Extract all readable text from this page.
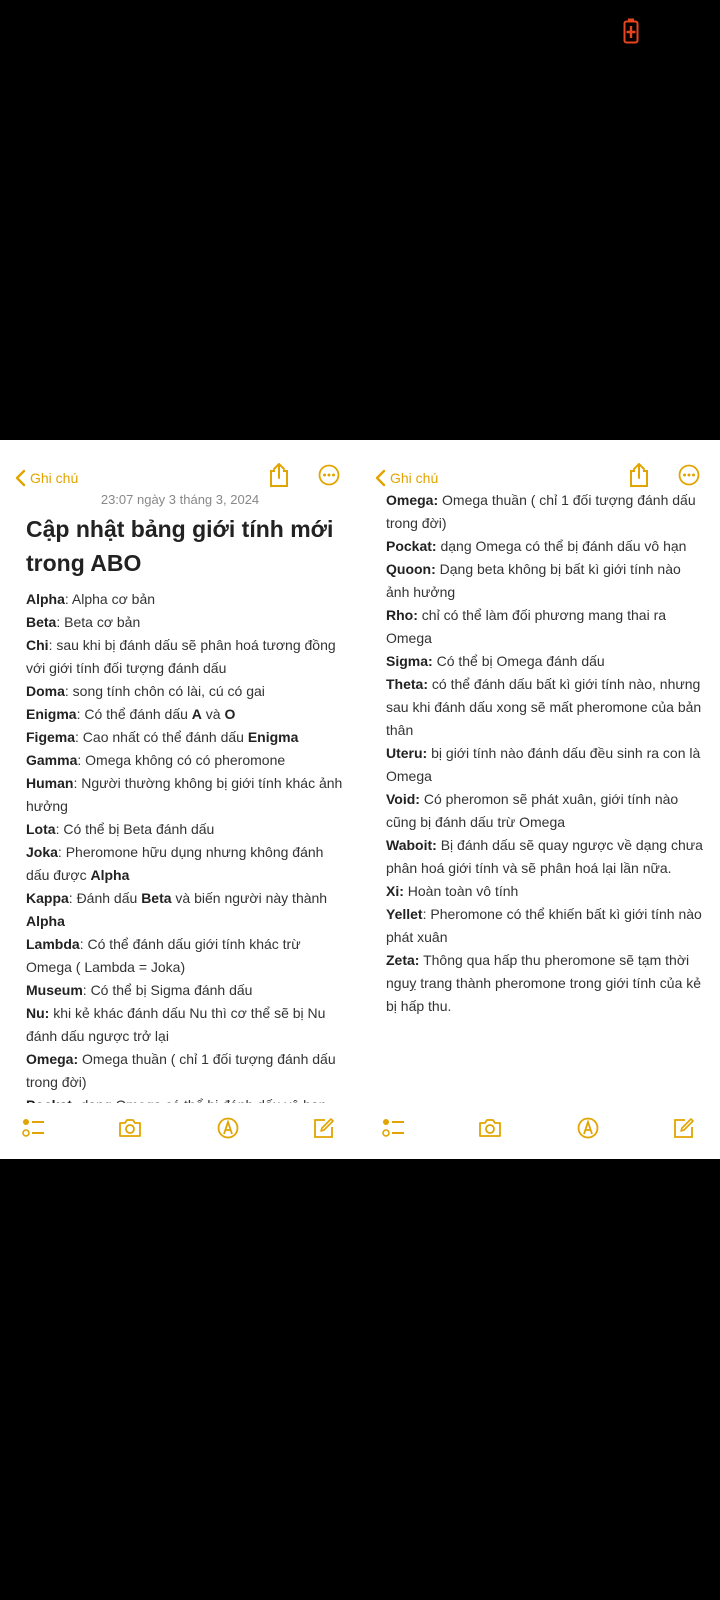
Ghi chú
23:07 ngày 3 tháng 3, 2024
Cập nhật bảng giới tính mới trong ABO

Alpha: Alpha cơ bản

Beta: Beta cơ bản

Chi: sau khi bị đánh dấu sẽ phân hoá tương đồng với giới tính đối tượng đánh dấu

Doma: song tính chôn có lài, cú có gai

Enigma: Có thể đánh dấu A và O

Figema: Cao nhất có thể đánh dấu Enigma

Gamma: Omega không có có pheromone

Human: Người thường không bị giới tính khác ảnh hưởng

Lota: Có thể bị Beta đánh dấu

Joka: Pheromone hữu dụng nhưng không đánh dấu được Alpha

Kappa: Đánh dấu Beta và biến người này thành Alpha

Lambda: Có thể đánh dấu giới tính khác trừ Omega ( Lambda = Joka)

Museum: Có thể bị Sigma đánh dấu

Nu: khi kẻ khác đánh dấu Nu thì cơ thể sẽ bị Nu đánh dấu ngược trở lại

Omega: Omega thuần ( chỉ 1 đối tượng đánh dấu trong đời)

Ghi chú

Omega: Omega thuần ( chỉ 1 đối tượng đánh dấu trong đời)

Pockat: dạng Omega có thể bị đánh dấu vô hạn

Quoon: Dạng beta không bị bất kì giới tính nào ảnh hưởng

Rho: chỉ có thể làm đối phương mang thai ra Omega

Sigma: Có thể bị Omega đánh dấu

Theta: có thể đánh dấu bất kì giới tính nào, nhưng sau khi đánh dấu xong sẽ mất pheromone của bản thân

Uteru: bị giới tính nào đánh dấu đều sinh ra con là Omega

Void: Có pheromon sẽ phát xuân, giới tính nào cũng bị đánh dấu trừ Omega

Waboit: Bị đánh dấu sẽ quay ngược về dạng chưa phân hoá giới tính và sẽ phân hoá lại lần nữa.

Xi: Hoàn toàn vô tính

Yellet: Pheromone có thể khiến bất kì giới tính nào phát xuân

Zeta: Thông qua hấp thu pheromone sẽ tạm thời nguỵ trang thành pheromone trong giới tính của kẻ bị hấp thu.
